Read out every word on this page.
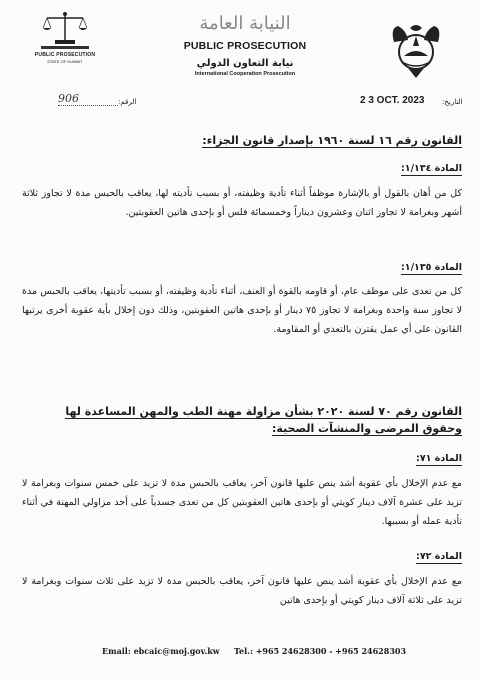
PUBLIC PROSECUTION
STATE OF KUWAIT
النيابة العامة
PUBLIC PROSECUTION
نيابة التعاون الدولي
International Cooperation Prosecution
906	الرقم:	2 3 OCT. 2023	التاريخ:
القانون رقم ١٦ لسنة ١٩٦٠ بإصدار قانون الجزاء:
المادة ١/١٣٤:
كل من أهان بالقول أو بالإشارة موظفاً أثناء تأدية وظيفته، أو بسبب تأديته لها، يعاقب بالحبس مدة لا تجاوز ثلاثة أشهر وبغرامة لا تجاوز اثنان وعشرون ديناراً وخمسمائة فلس أو بإحدى هاتين العقوبتين.
المادة ١/١٣٥:
كل من تعدى على موظف عام، أو قاومه بالقوة أو العنف، أثناء تأدية وظيفته، أو بسبب تأديتها، يعاقب بالحبس مدة لا تجاوز سنة واحدة وبغرامة لا تجاوز ٧٥ دينار أو بإحدى هاتين العقوبتين، وذلك دون إخلال بأية عقوبة أخرى يرتبها القانون على أي عمل يقترن بالتعدي أو المقاومة.
القانون رقم ٧٠ لسنة ٢٠٢٠ بشأن مزاولة مهنة الطب والمهن المساعدة لها
وحقوق المرضى والمنشآت الصحية:
المادة ٧١:
مع عدم الإخلال بأي عقوبة أشد ينص عليها قانون آخر، يعاقب بالحبس مدة لا تزيد على خمس سنوات وبغرامة لا تزيد على عشرة آلاف دينار كويتي أو بإحدى هاتين العقوبتين كل من تعدى جسدياً على أحد مزاولي المهنة في أثناء تأدية عمله أو بسببها.
المادة ٧٢:
مع عدم الإخلال بأي عقوبة أشد ينص عليها قانون آخر، يعاقب بالحبس مدة لا تزيد على ثلاث سنوات وبغرامة لا تزيد على ثلاثة آلاف دينار كويتي أو بإحدى هاتين
Email: ebcaic@moj.gov.kw Tel.: +965 24628300 - +965 24628303
